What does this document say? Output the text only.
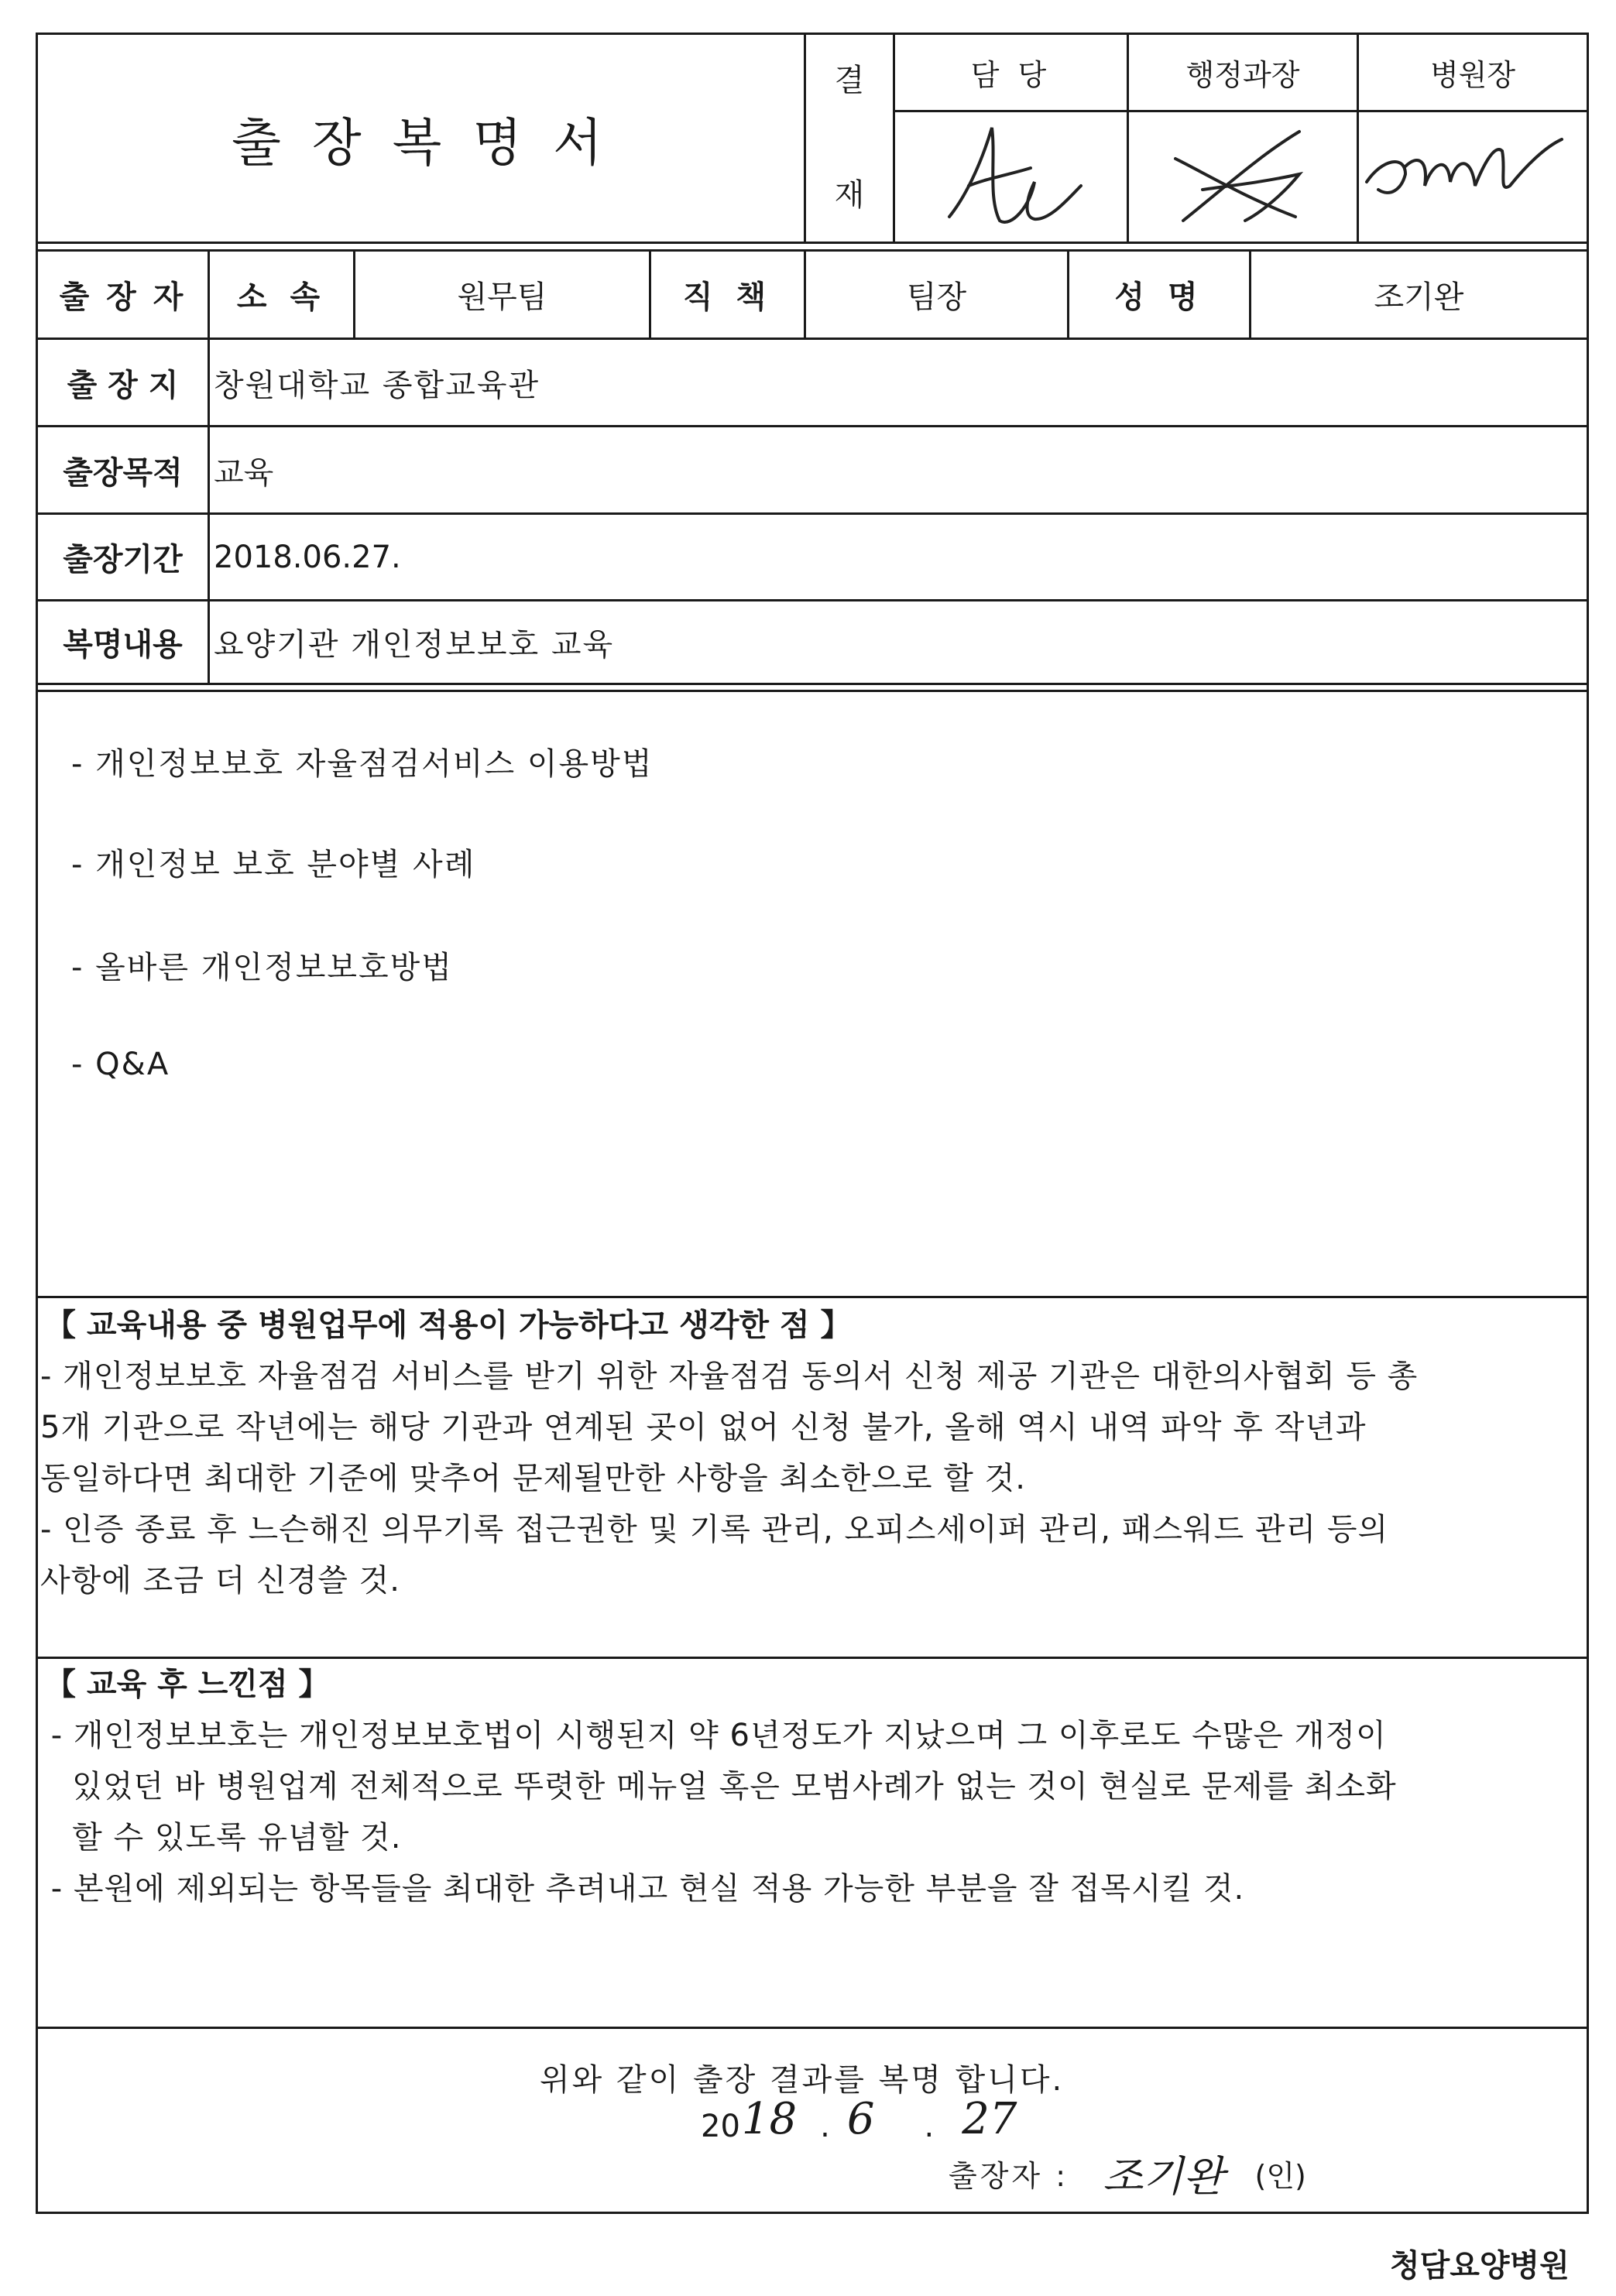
출장복명서
결
재
담 당	행정과장	병원장
출 장 자	소 속	원무팀	직 책	팀장	성 명	조기완
출 장 지	창원대학교 종합교육관
출장목적	교육
출장기간	2018.06.27.
복명내용	요양기관 개인정보보호 교육
- 개인정보보호 자율점검서비스 이용방법
- 개인정보 보호 분야별 사례
- 올바른 개인정보보호방법
- Q&A
【 교육내용 중 병원업무에 적용이 가능하다고 생각한 점 】
- 개인정보보호 자율점검 서비스를 받기 위한 자율점검 동의서 신청 제공 기관은 대한의사협회 등 총
5개 기관으로 작년에는 해당 기관과 연계된 곳이 없어 신청 불가, 올해 역시 내역 파악 후 작년과
동일하다면 최대한 기준에 맞추어 문제될만한 사항을 최소한으로 할 것.
- 인증 종료 후 느슨해진 의무기록 접근권한 및 기록 관리, 오피스세이퍼 관리, 패스워드 관리 등의
사항에 조금 더 신경쓸 것.
【 교육 후 느낀점 】
- 개인정보보호는 개인정보보호법이 시행된지 약 6년정도가 지났으며 그 이후로도 수많은 개정이
있었던 바 병원업계 전체적으로 뚜렷한 메뉴얼 혹은 모범사례가 없는 것이 현실로 문제를 최소화
할 수 있도록 유념할 것.
- 본원에 제외되는 항목들을 최대한 추려내고 현실 적용 가능한 부분을 잘 접목시킬 것.
위와 같이 출장 결과를 복명 합니다.
20 18 . 6 . 27
출장자 : 조기완 (인)
청담요양병원
